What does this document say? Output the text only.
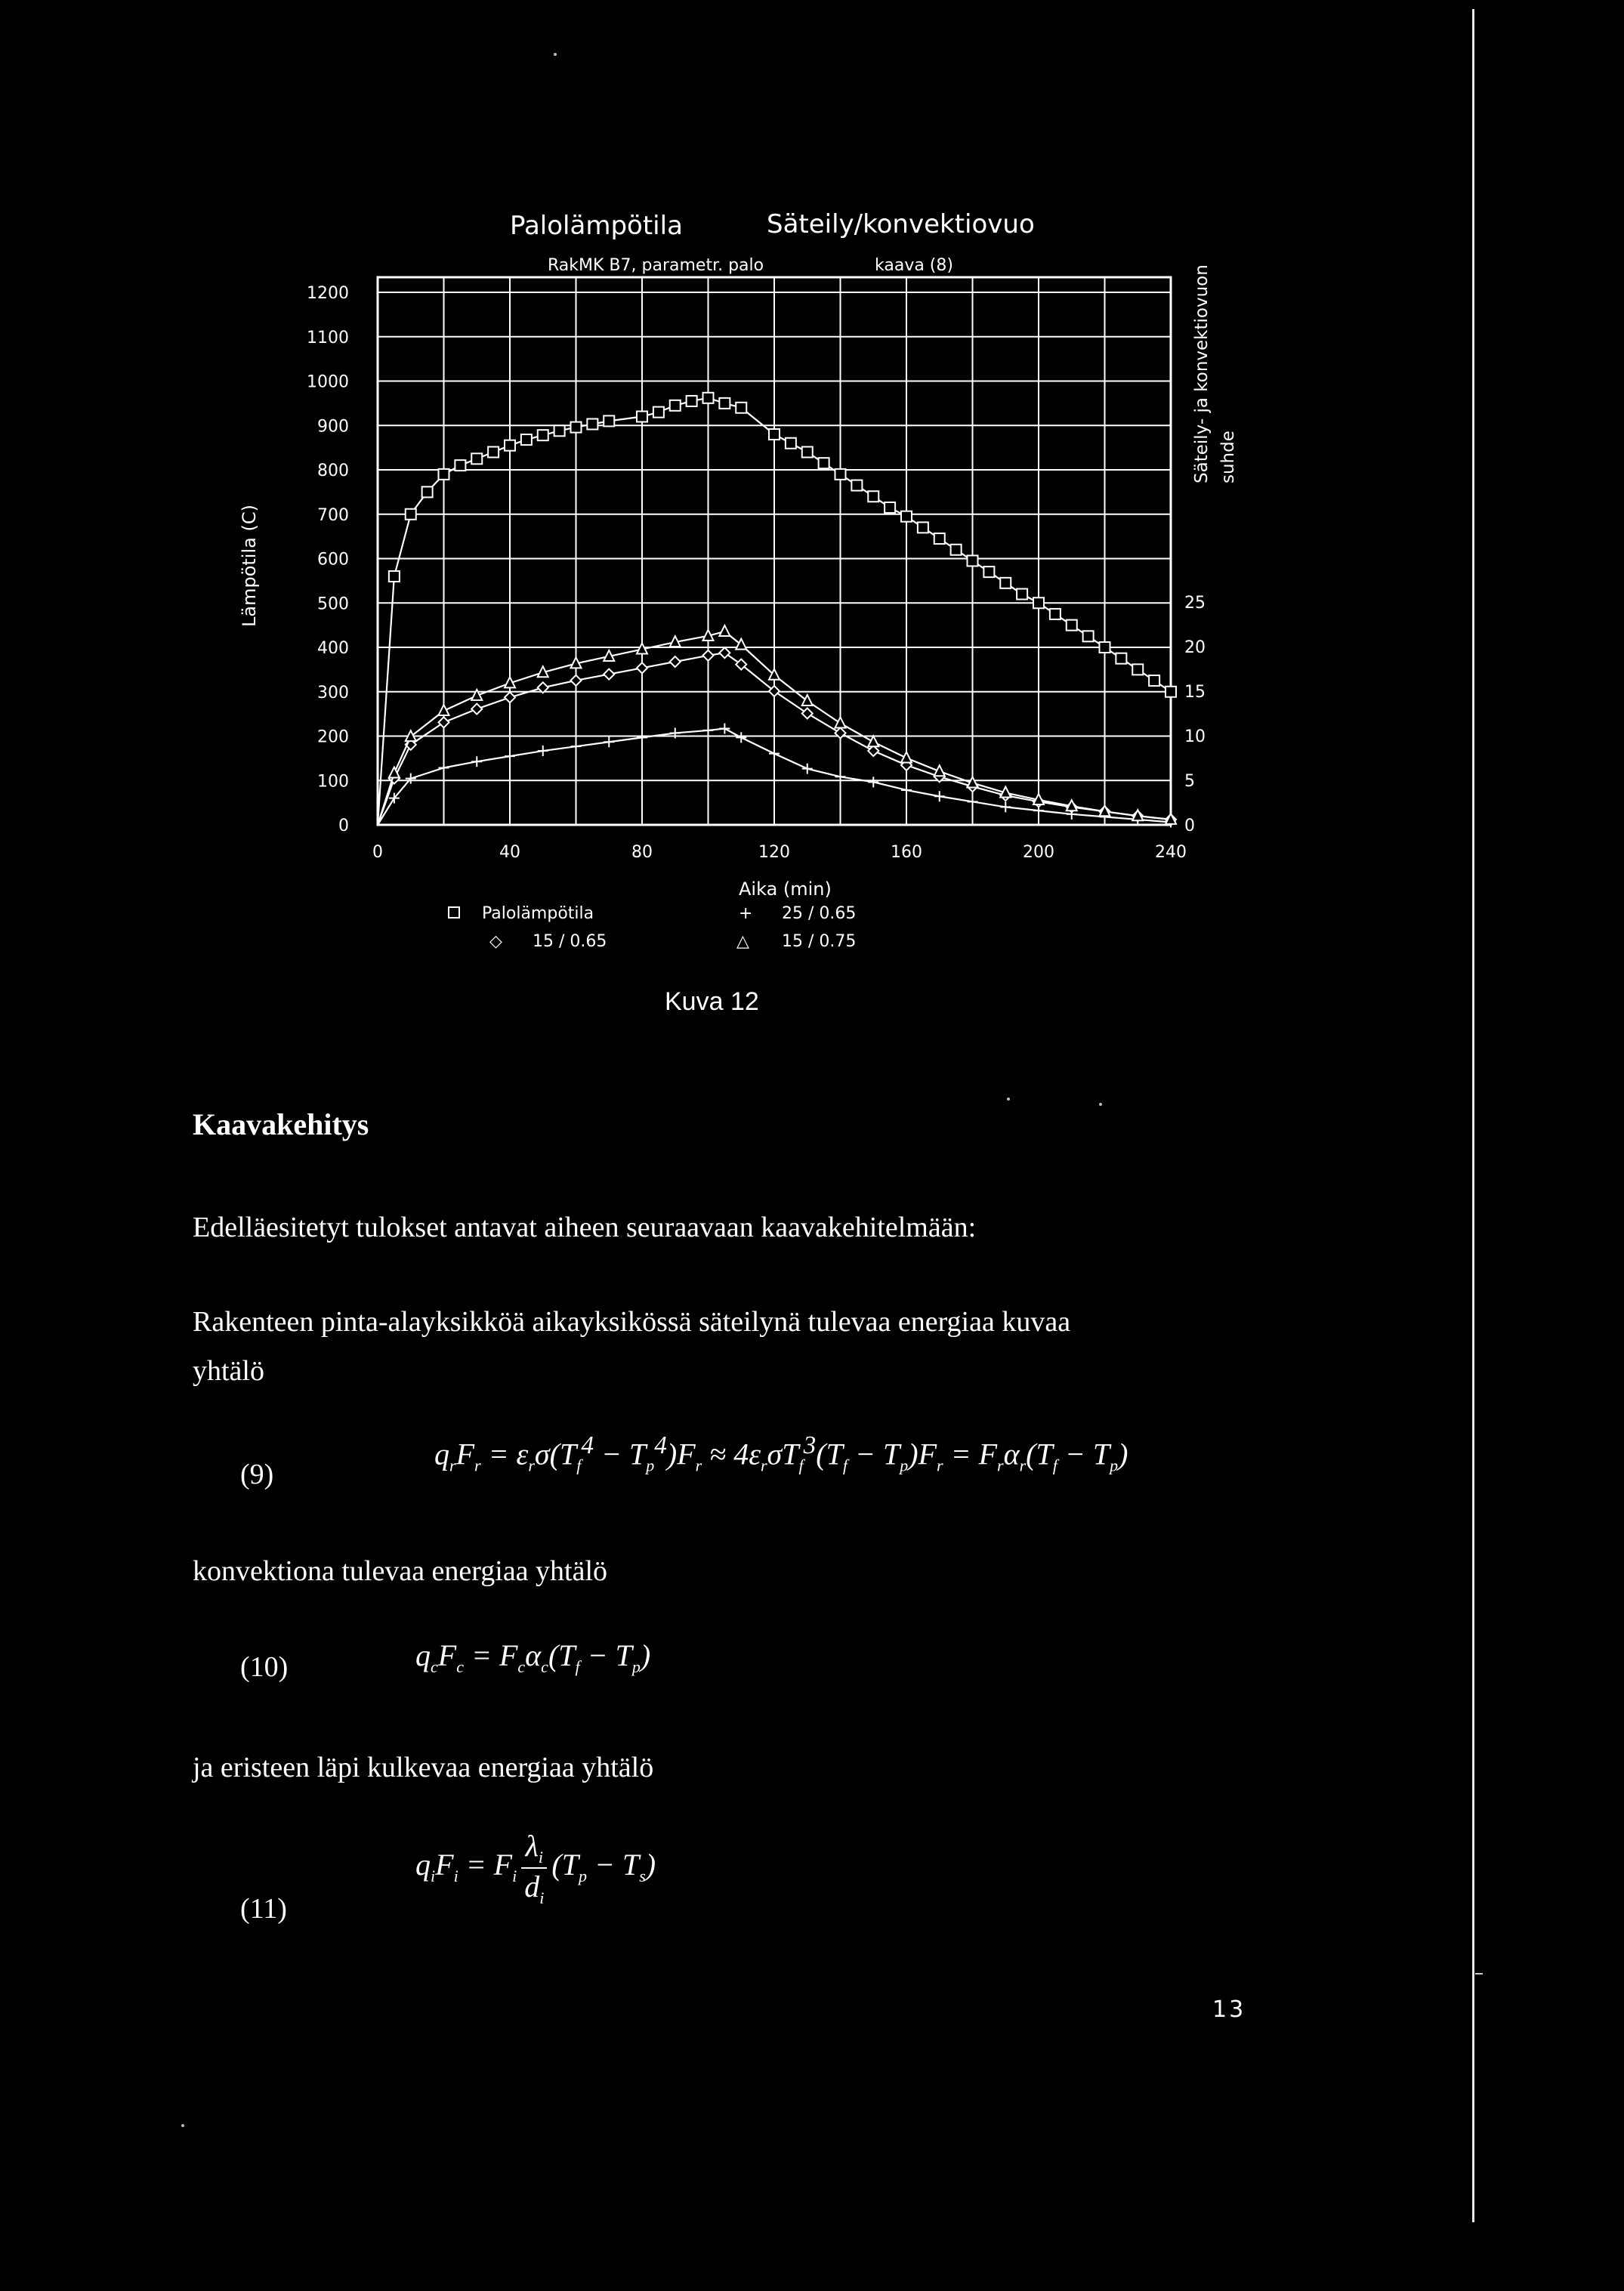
0	40	80	120	160	200	240
0
100
200
300
400
500
600
700
800
900
1000
1100
1200
0
5
10
15
20
25
Palolämpötila	Säteily/konvektiovuo
RakMK B7, parametr. palo	kaava (8)
Lämpötila (C)
Säteily- ja konvektiovuon suhde
Aika (min)
Palolämpötila	+ 25 / 0.65
◇ 15 / 0.65	△ 15 / 0.75
Kuva 12
Kaavakehitys
Edelläesitetyt tulokset antavat aiheen seuraavaan kaavakehitelmään:
Rakenteen pinta-alayksikköä aikayksikössä säteilynä tulevaa energiaa kuvaa
yhtälö
(9)
$q_rF_r = \varepsilon_r\sigma(T_f^4 - T_p^4)F_r \approx 4\varepsilon_r\sigma T_f^3(T_f - T_p)F_r = F_r\alpha_r(T_f - T_p)$
konvektiona tulevaa energiaa yhtälö
(10)	$q_cF_c = F_c\alpha_c(T_f - T_p)$
ja eristeen läpi kulkevaa energiaa yhtälö
(11)
$q_iF_i = F_i \frac{\lambda_i}{d_i} (T_p - T_s)$
13
